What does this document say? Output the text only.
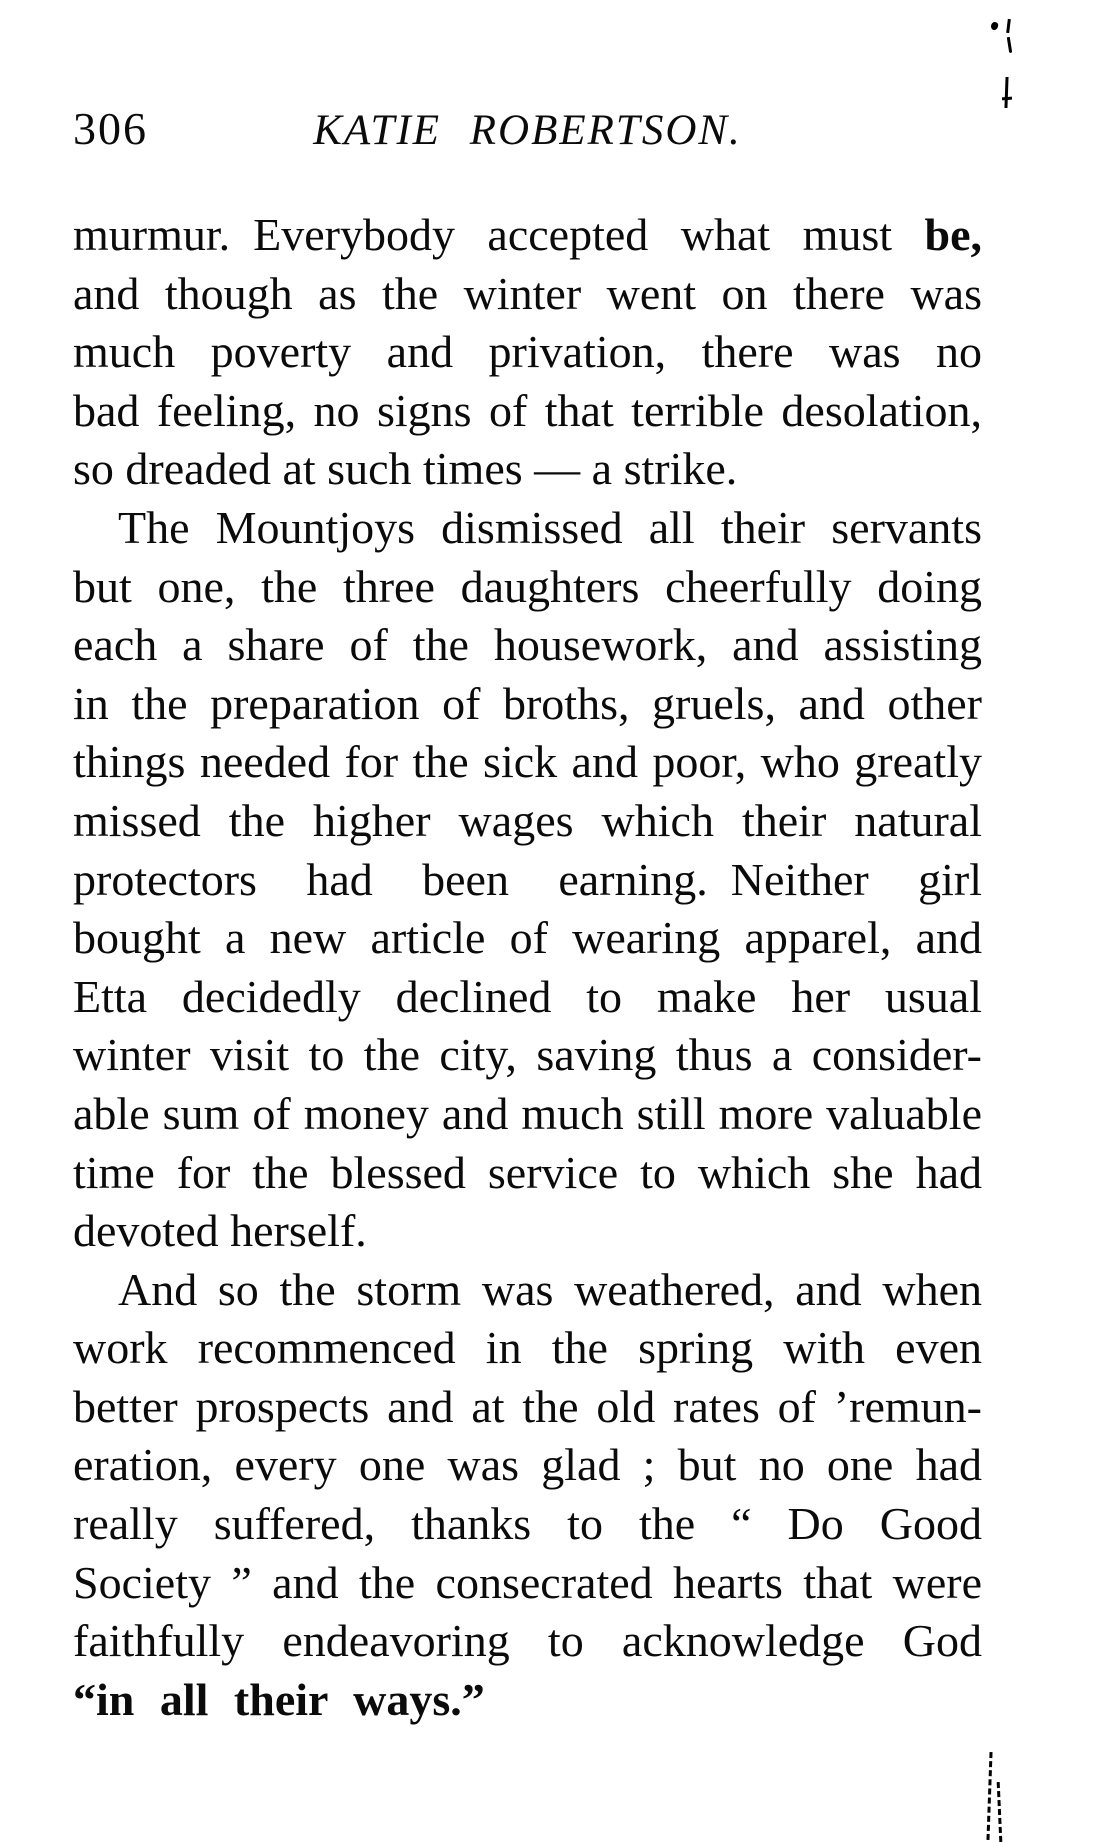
306	KATIE ROBERTSON.
murmur. Everybody accepted what must be,
and though as the winter went on there was
much poverty and privation, there was no
bad feeling, no signs of that terrible desolation,
so dreaded at such times — a strike.
The Mountjoys dismissed all their servants
but one, the three daughters cheerfully doing
each a share of the housework, and assisting
in the preparation of broths, gruels, and other
things needed for the sick and poor, who greatly
missed the higher wages which their natural
protectors had been earning. Neither girl
bought a new article of wearing apparel, and
Etta decidedly declined to make her usual
winter visit to the city, saving thus a consider-
able sum of money and much still more valuable
time for the blessed service to which she had
devoted herself.
And so the storm was weathered, and when
work recommenced in the spring with even
better prospects and at the old rates of ’remun-
eration, every one was glad ; but no one had
really suffered, thanks to the “ Do Good
Society ” and the consecrated hearts that were
faithfully endeavoring to acknowledge God
“in all their ways.”
